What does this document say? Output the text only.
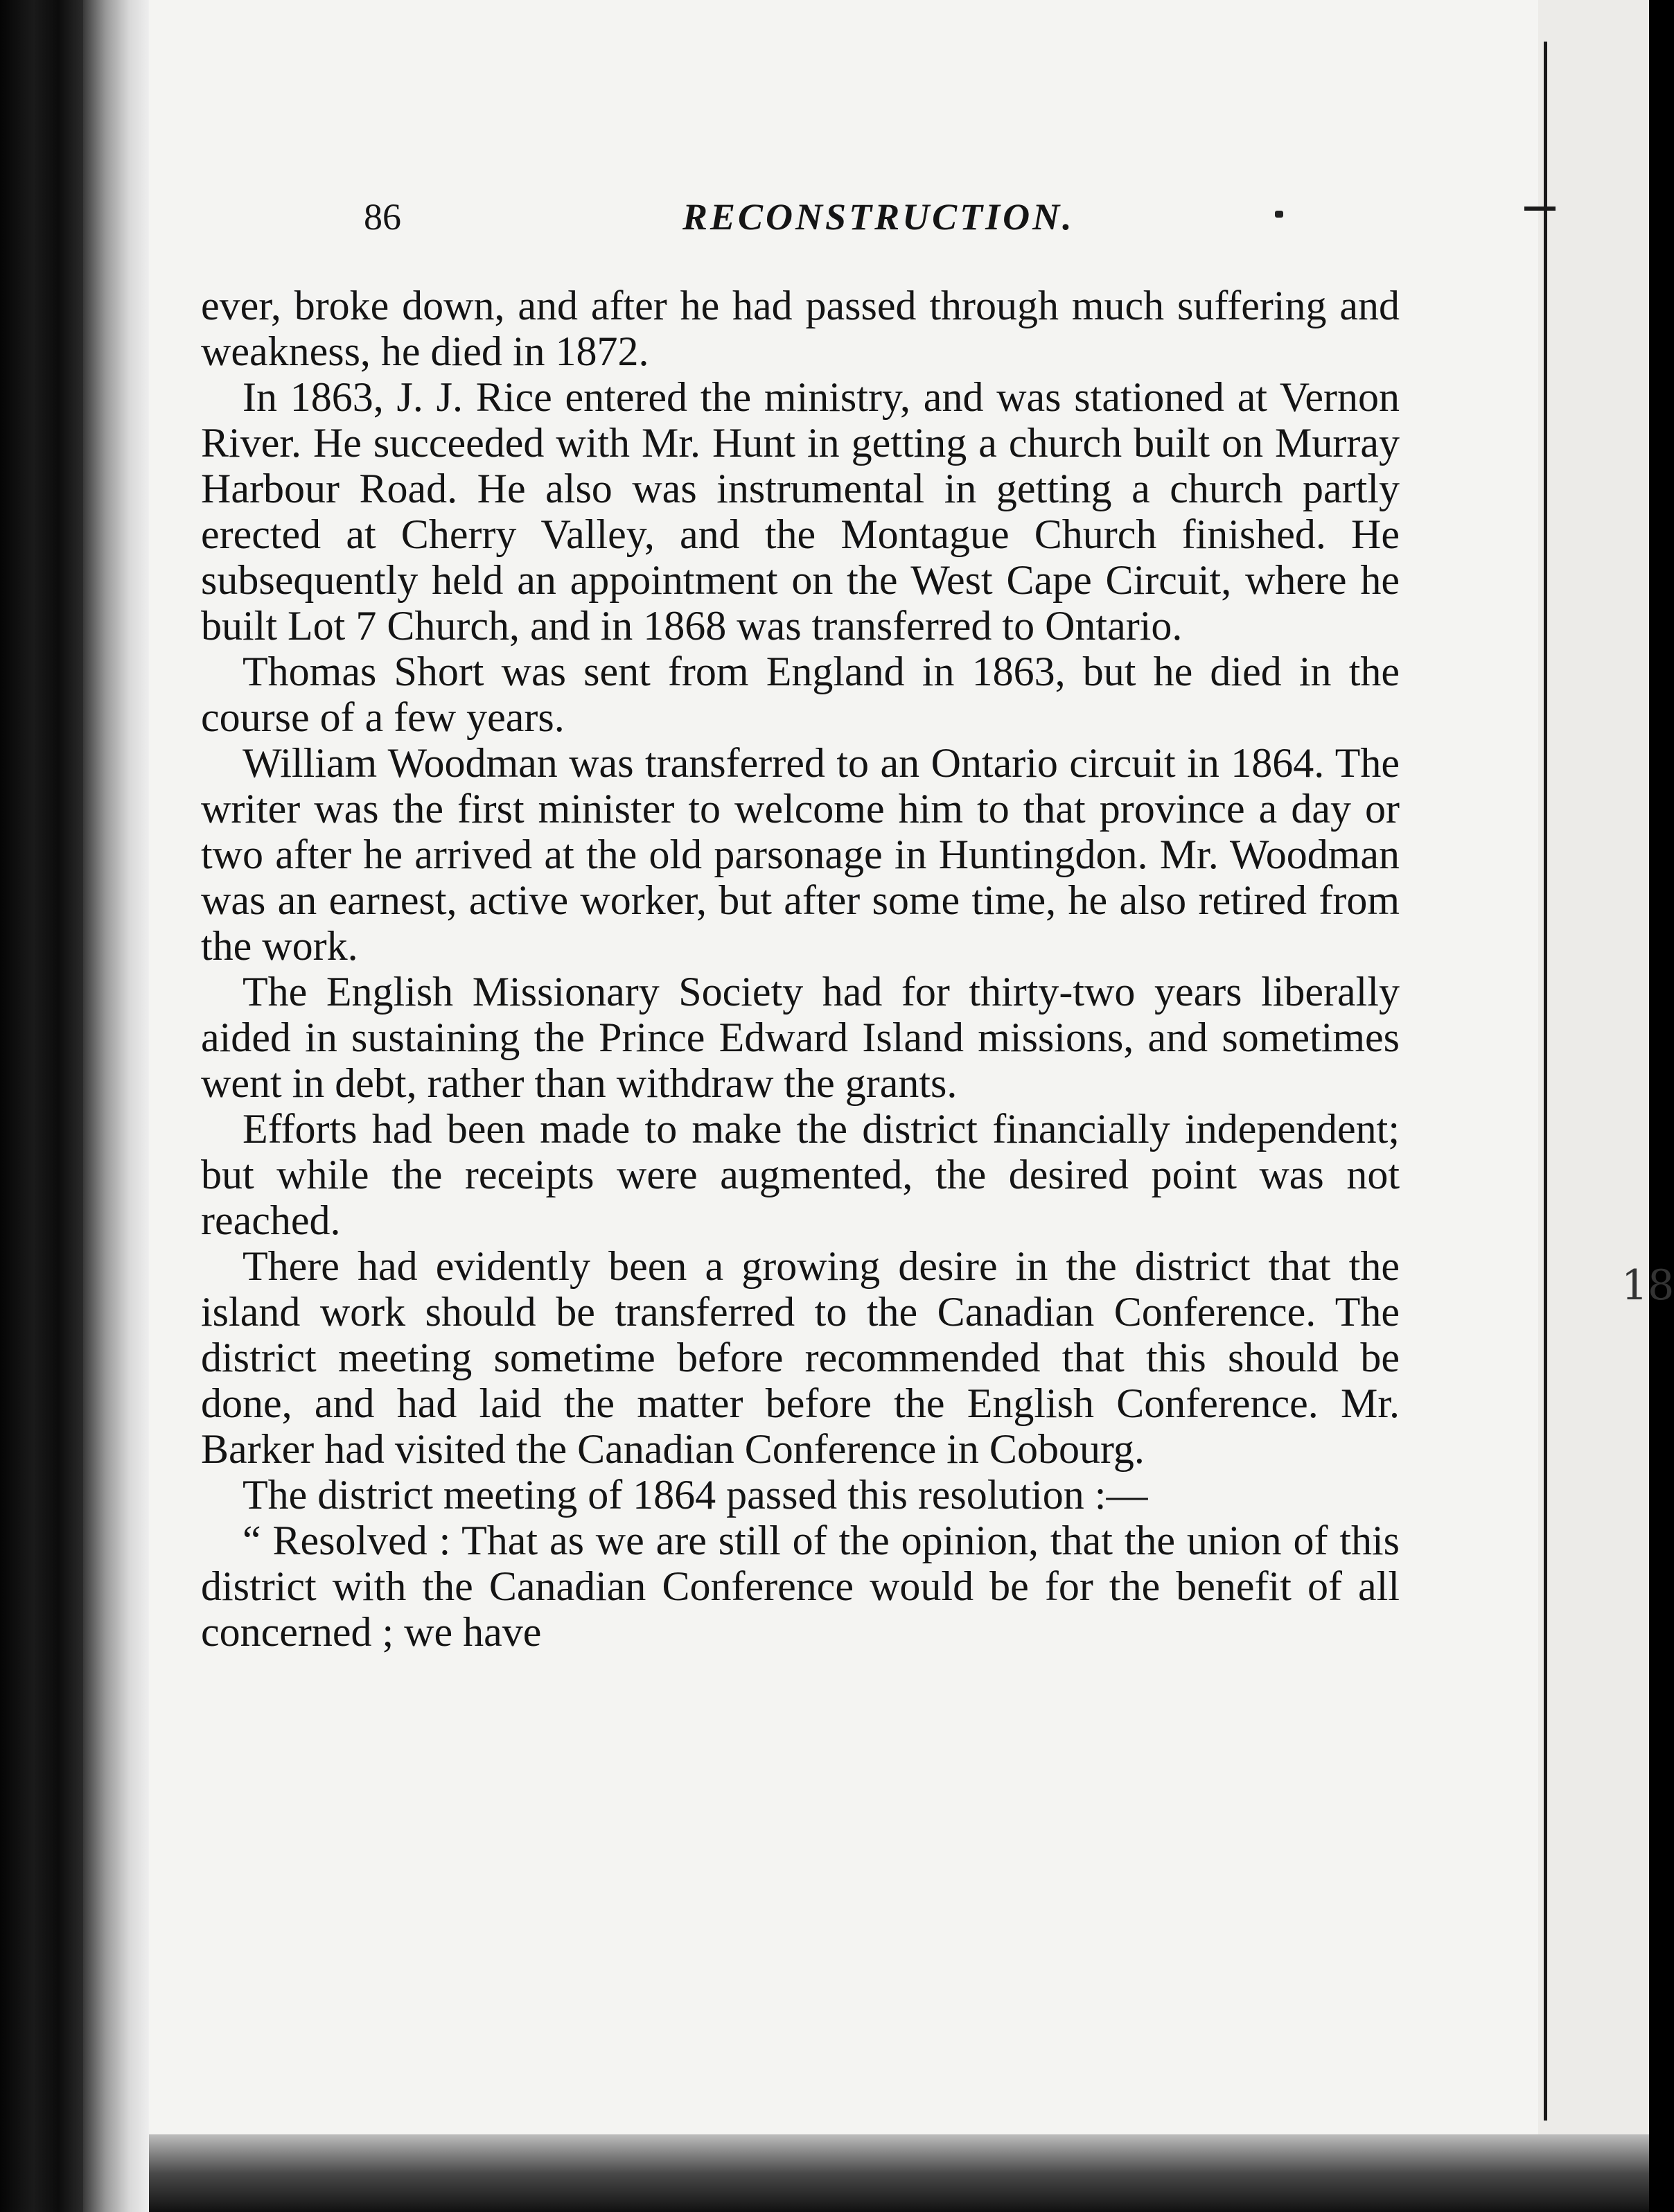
86	RECONSTRUCTION.

ever, broke down, and after he had passed through much suffering and weakness, he died in 1872.

In 1863, J. J. Rice entered the ministry, and was stationed at Vernon River. He succeeded with Mr. Hunt in getting a church built on Murray Harbour Road. He also was instrumental in getting a church partly erected at Cherry Valley, and the Montague Church finished. He subsequently held an appointment on the West Cape Circuit, where he built Lot 7 Church, and in 1868 was transferred to Ontario.

Thomas Short was sent from England in 1863, but he died in the course of a few years.

William Woodman was transferred to an Ontario circuit in 1864. The writer was the first minister to welcome him to that province a day or two after he arrived at the old parsonage in Huntingdon. Mr. Woodman was an earnest, active worker, but after some time, he also retired from the work.

The English Missionary Society had for thirty-two years liberally aided in sustaining the Prince Edward Island missions, and sometimes went in debt, rather than withdraw the grants.

Efforts had been made to make the district financially independent; but while the receipts were augmented, the desired point was not reached.

There had evidently been a growing desire in the district that the island work should be transferred to the Canadian Conference. The district meeting sometime before recommended that this should be done, and had laid the matter before the English Conference. Mr. Barker had visited the Canadian Conference in Cobourg.

The district meeting of 1864 passed this resolution :—

“ Resolved : That as we are still of the opinion, that the union of this district with the Canadian Conference would be for the benefit of all concerned ; we have

18
